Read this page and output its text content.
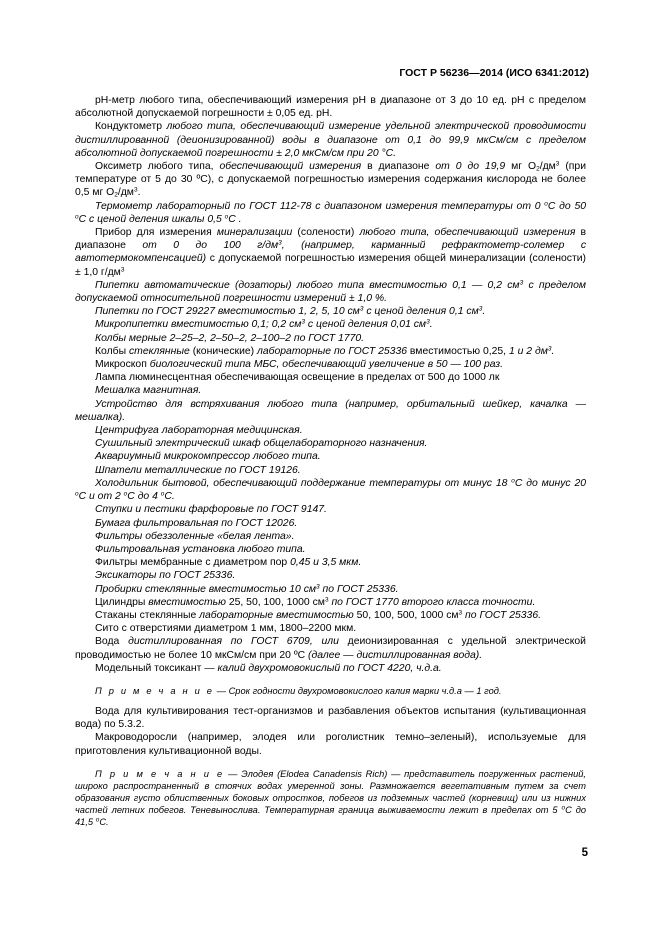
ГОСТ Р 56236—2014 (ИСО 6341:2012)

pH-метр любого типа, обеспечивающий измерения pH в диапазоне от 3 до 10 ед. pH с пределом абсолютной допускаемой погрешности ± 0,05 ед. pH.

Кондуктометр любого типа, обеспечивающий измерение удельной электрической проводимости дистиллированной (деионизированной) воды в диапазоне от 0,1 до 99,9 мкСм/см с пределом абсолютной допускаемой погрешности ± 2,0 мкСм/см при 20 °С.

Оксиметр любого типа, обеспечивающий измерения в диапазоне от 0 до 19,9 мг $О_2/дм^3$ (при температуре от 5 до 30 ºС), с допускаемой погрешностью измерения содержания кислорода не более 0,5 мг $О_2/дм^3$.

Термометр лабораторный по ГОСТ 112-78 с диапазоном измерения температуры от 0 $^о$С до 50 $^о$С с ценой деления шкалы 0,5 $^о$С .

Прибор для измерения минерализации (солености) любого типа, обеспечивающий измерения в диапазоне от 0 до 100 $г/дм^3$, (например, карманный рефрактометр-солемер с автотермокомпенсацией) с допускаемой погрешностью измерения общей минерализации (солености) ± 1,0 $г/дм^3$

Пипетки автоматические (дозаторы) любого типа вместимостью 0,1 — 0,2 $см^3$ с пределом допускаемой относительной погрешности измерений ± 1,0 %.

Пипетки по ГОСТ 29227 вместимостью 1, 2, 5, 10 $см^3$ с ценой деления 0,1 $см^3$.

Микропипетки вместимостью 0,1; 0,2 $см^3$ с ценой деления 0,01 $см^3$.

Колбы мерные 2–25–2, 2–50–2, 2–100–2 по ГОСТ 1770.

Колбы стеклянные (конические) лабораторные по ГОСТ 25336 вместимостью 0,25, 1 и 2 $дм^3$.

Микроскоп биологический типа МБС, обеспечивающий увеличение в 50 — 100 раз.

Лампа люминесцентная обеспечивающая освещение в пределах от 500 до 1000 лк

Мешалка магнитная.

Устройство для встряхивания любого типа (например, орбитальный шейкер, качалка — мешалка).

Центрифуга лабораторная медицинская.

Сушильный электрический шкаф общелабораторного назначения.

Аквариумный микрокомпрессор любого типа.

Шпатели металлические по ГОСТ 19126.

Холодильник бытовой, обеспечивающий поддержание температуры от минус 18 $^о$С до минус 20 $^о$С и от 2 $^о$С до 4 $^о$С.

Ступки и пестики фарфоровые по ГОСТ 9147.

Бумага фильтровальная по ГОСТ 12026.

Фильтры обеззоленные «белая лента».

Фильтровальная установка любого типа.

Фильтры мембранные с диаметром пор 0,45 и 3,5 мкм.

Эксикаторы по ГОСТ 25336.

Пробирки стеклянные вместимостью 10 $см^3$ по ГОСТ 25336.

Цилиндры вместимостью 25, 50, 100, 1000 $см^3$ по ГОСТ 1770 второго класса точности.

Стаканы стеклянные лабораторные вместимостью 50, 100, 500, 1000 $см^3$ по ГОСТ 25336.

Сито с отверстиями диаметром 1 мм, 1800–2200 мкм.

Вода дистиллированная по ГОСТ 6709, или деионизированная с удельной электрической проводимостью не более 10 мкСм/см при 20 ºС (далее — дистиллированная вода).

Модельный токсикант — калий двухромовокислый по ГОСТ 4220, ч.д.а.

П р и м е ч а н и е — Срок годности двухромовокислого калия марки ч.д.а — 1 год.

Вода для культивирования тест-организмов и разбавления объектов испытания (культивационная вода) по 5.3.2.

Макроводоросли (например, элодея или роголистник темно–зеленый), используемые для приготовления культивационной воды.

П р и м е ч а н и е — Элодея (Elodea Canadensis Rich) — представитель погруженных растений, широко распространенный в стоячих водах умеренной зоны. Размножается вегетативным путем за счет образования густо облиственных боковых отростков, побегов из подземных частей (корневищ) или из нижних частей летних побегов. Теневынослива. Температурная граница выживаемости лежит в пределах от 5 $^о$С до 41,5 $^о$С.

5
